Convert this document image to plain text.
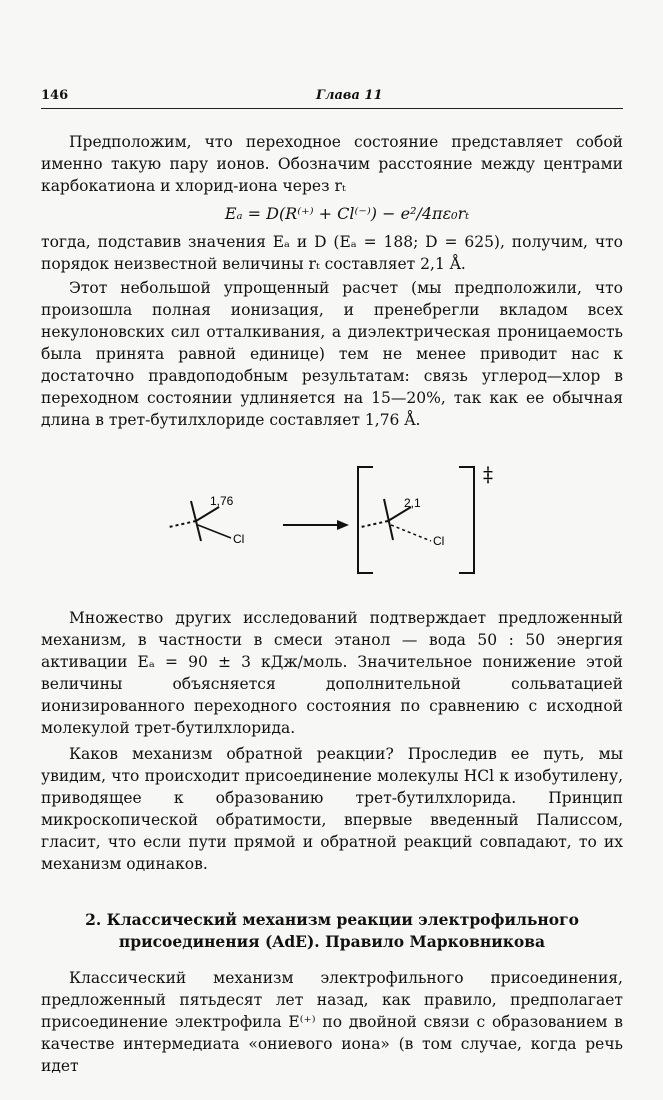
146	Глава 11

Предположим, что переходное состояние представляет собой именно такую пару ионов. Обозначим расстояние между центрами карбокатиона и хлорид-иона через rₜ

Eₐ = D(R⁽⁺⁾ + Cl⁽⁻⁾) − e²/4πε₀rₜ

тогда, подставив значения Eₐ и D (Eₐ = 188; D = 625), получим, что порядок неизвестной величины rₜ составляет 2,1 Å.

Этот небольшой упрощенный расчет (мы предположили, что произошла полная ионизация, и пренебрегли вкладом всех некулоновских сил отталкивания, а диэлектрическая проницаемость была принята равной единице) тем не менее приводит нас к достаточно правдоподобным результатам: связь углерод—хлор в переходном состоянии удлиняется на 15—20%, так как ее обычная длина в трет-бутилхлориде составляет 1,76 Å.

1,76
Cl
‡
2,1
Cl

Множество других исследований подтверждает предложенный механизм, в частности в смеси этанол — вода 50 : 50 энергия активации Eₐ = 90 ± 3 кДж/моль. Значительное понижение этой величины объясняется дополнительной сольватацией ионизированного переходного состояния по сравнению с исходной молекулой трет-бутилхлорида.

Каков механизм обратной реакции? Проследив ее путь, мы увидим, что происходит присоединение молекулы HCl к изобутилену, приводящее к образованию трет-бутилхлорида. Принцип микроскопической обратимости, впервые введенный Палиссом, гласит, что если пути прямой и обратной реакций совпадают, то их механизм одинаков.

2. Классический механизм реакции электрофильного присоединения (AdE). Правило Марковникова

Классический механизм электрофильного присоединения, предложенный пятьдесят лет назад, как правило, предполагает присоединение электрофила E⁽⁺⁾ по двойной связи с образованием в качестве интермедиата «ониевого иона» (в том случае, когда речь идет
